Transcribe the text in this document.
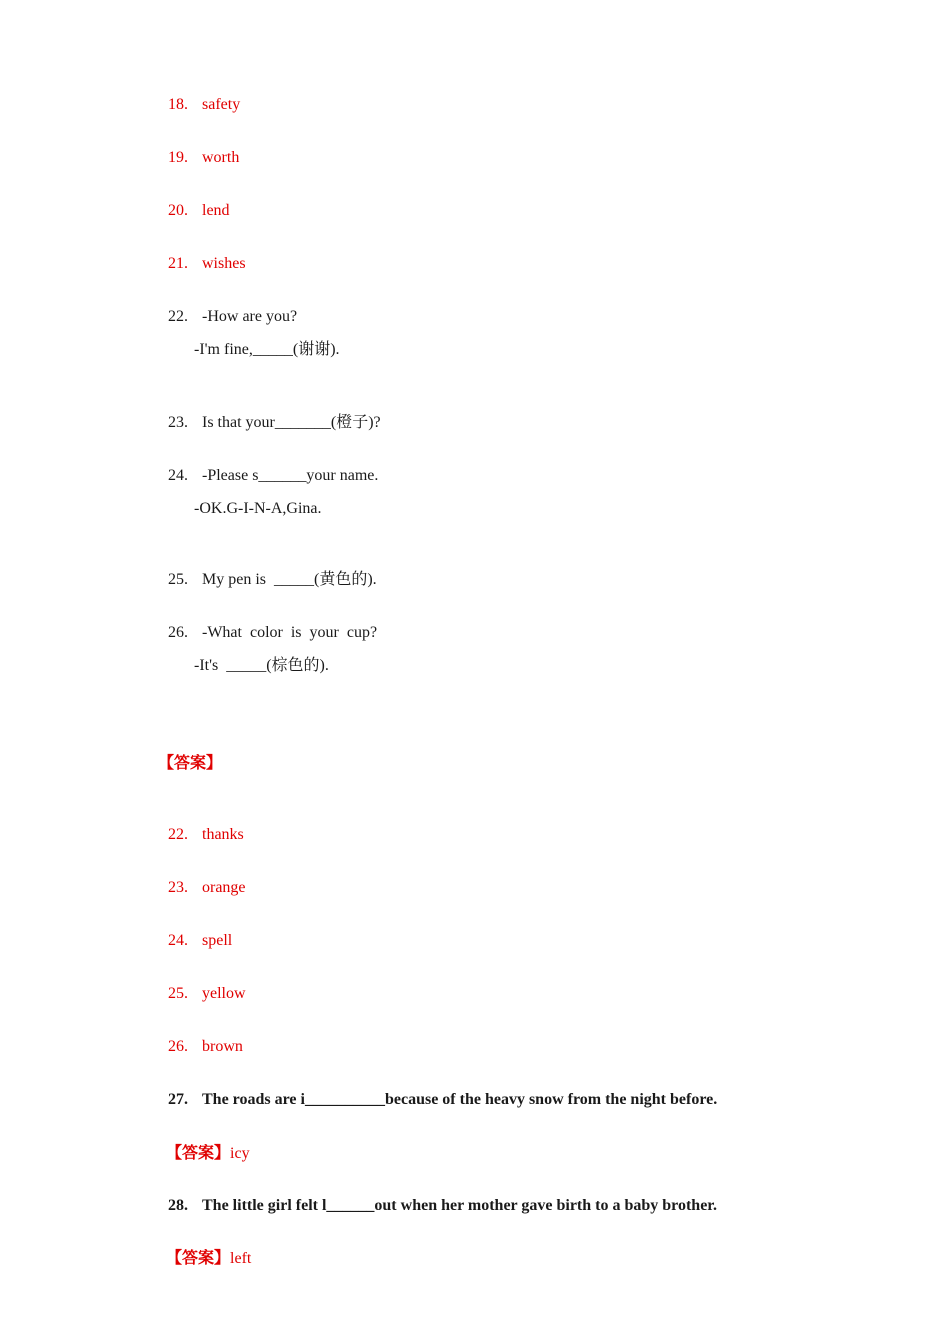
18. safety

19. worth

20. lend

21. wishes

22. -How are you?

-I'm fine,_____(谢谢).

23. Is that your_______(橙子)?

24. -Please s______your name.

-OK.G-I-N-A,Gina.

25. My pen is  _____(黄色的).

26. -What  color  is  your  cup?

-It's  _____(棕色的).
【答案】

22. thanks

23. orange

24. spell

25. yellow

26. brown

27. The roads are i__________because of the heavy snow from the night before.

【答案】icy

28. The little girl felt l______out when her mother gave birth to a baby brother.

【答案】left
